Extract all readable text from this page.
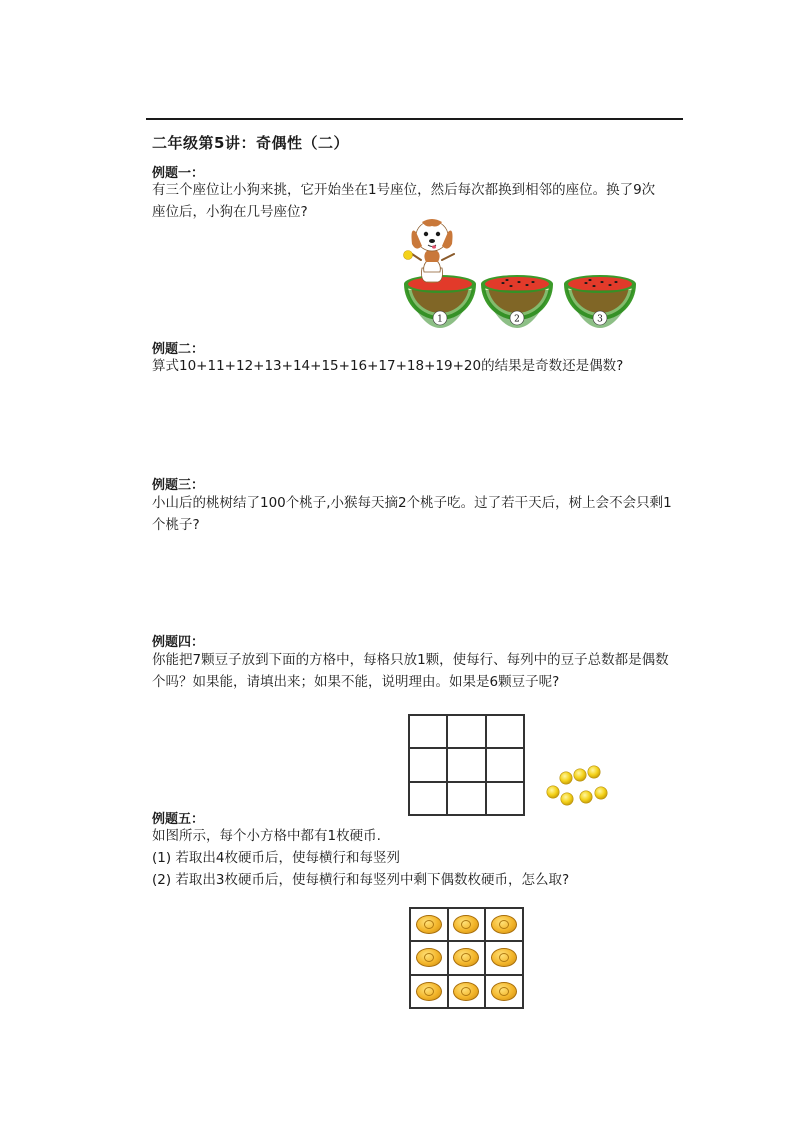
二年级第5讲：奇偶性（二）
例题一：
有三个座位让小狗来挑，它开始坐在1号座位，然后每次都换到相邻的座位。换了9次
座位后，小狗在几号座位?
1	2	3
例题二：
算式10+11+12+13+14+15+16+17+18+19+20的结果是奇数还是偶数?
例题三：
小山后的桃树结了100个桃子,小猴每天摘2个桃子吃。过了若干天后，树上会不会只剩1
个桃子?
例题四：
你能把7颗豆子放到下面的方格中，每格只放1颗，使每行、每列中的豆子总数都是偶数
个吗？如果能，请填出来；如果不能，说明理由。如果是6颗豆子呢?
例题五：
如图所示，每个小方格中都有1枚硬币.
(1) 若取出4枚硬币后，使每横行和每竖列
(2) 若取出3枚硬币后，使每横行和每竖列中剩下偶数枚硬币，怎么取?
